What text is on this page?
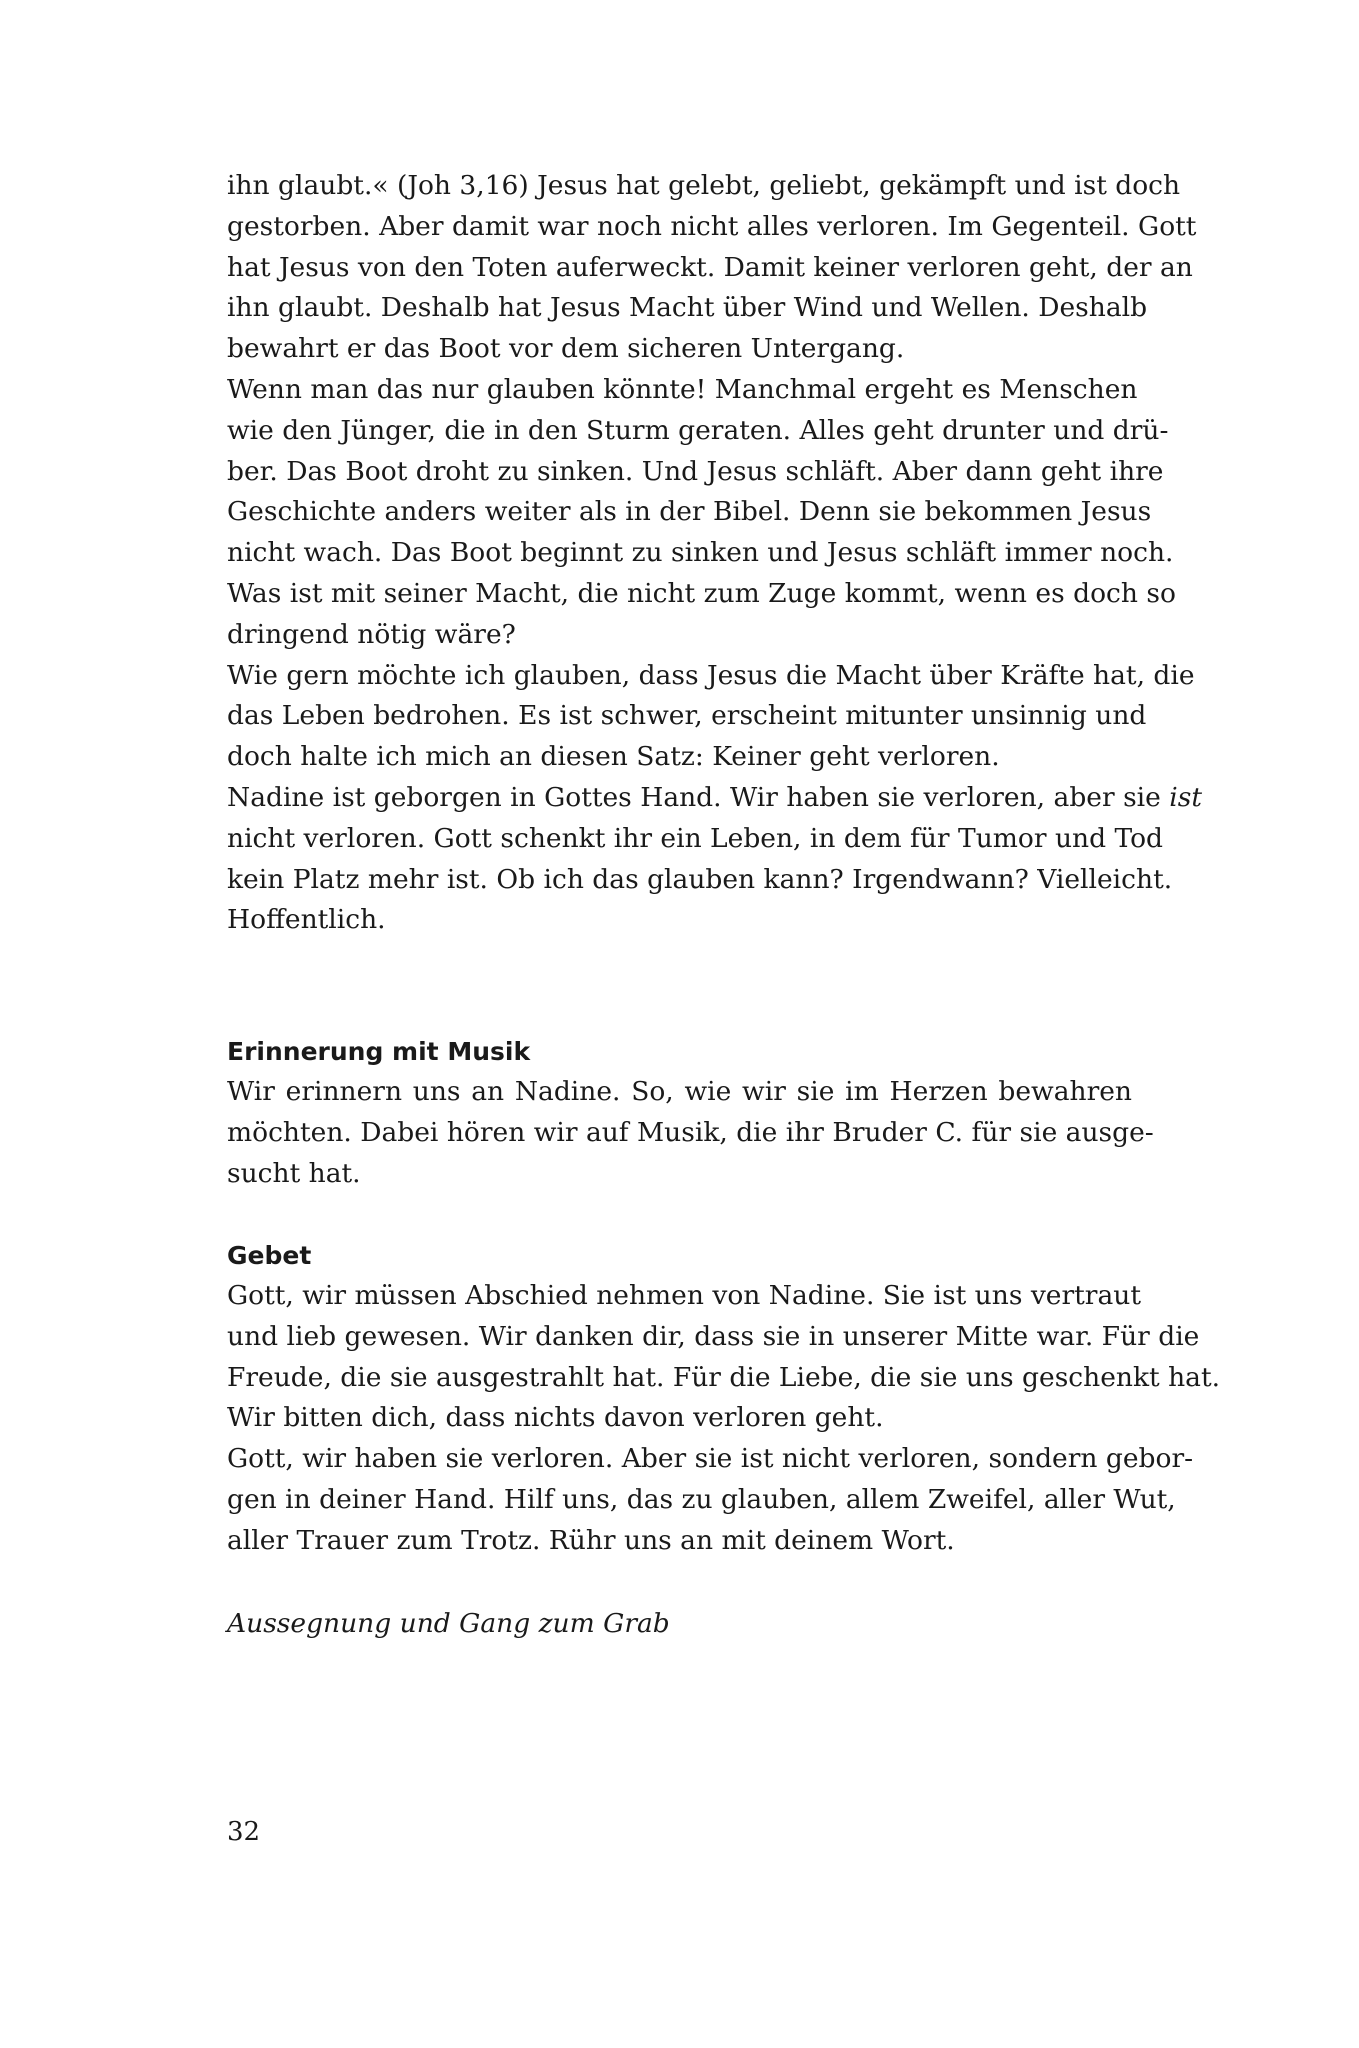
ihn glaubt.« (Joh 3,16) Jesus hat gelebt, geliebt, gekämpft und ist doch
gestorben. Aber damit war noch nicht alles verloren. Im Gegenteil. Gott
hat Jesus von den Toten auferweckt. Damit keiner verloren geht, der an
ihn glaubt. Deshalb hat Jesus Macht über Wind und Wellen. Deshalb
bewahrt er das Boot vor dem sicheren Untergang.
Wenn man das nur glauben könnte! Manchmal ergeht es Menschen
wie den Jünger, die in den Sturm geraten. Alles geht drunter und drü-
ber. Das Boot droht zu sinken. Und Jesus schläft. Aber dann geht ihre
Geschichte anders weiter als in der Bibel. Denn sie bekommen Jesus
nicht wach. Das Boot beginnt zu sinken und Jesus schläft immer noch.
Was ist mit seiner Macht, die nicht zum Zuge kommt, wenn es doch so
dringend nötig wäre?
Wie gern möchte ich glauben, dass Jesus die Macht über Kräfte hat, die
das Leben bedrohen. Es ist schwer, erscheint mitunter unsinnig und
doch halte ich mich an diesen Satz: Keiner geht verloren.
Nadine ist geborgen in Gottes Hand. Wir haben sie verloren, aber sie ist
nicht verloren. Gott schenkt ihr ein Leben, in dem für Tumor und Tod
kein Platz mehr ist. Ob ich das glauben kann? Irgendwann? Vielleicht.
Hoffentlich.
Erinnerung mit Musik
Wir erinnern uns an Nadine. So, wie wir sie im Herzen bewahren
möchten. Dabei hören wir auf Musik, die ihr Bruder C. für sie ausge-
sucht hat.
Gebet
Gott, wir müssen Abschied nehmen von Nadine. Sie ist uns vertraut
und lieb gewesen. Wir danken dir, dass sie in unserer Mitte war. Für die
Freude, die sie ausgestrahlt hat. Für die Liebe, die sie uns geschenkt hat.
Wir bitten dich, dass nichts davon verloren geht.
Gott, wir haben sie verloren. Aber sie ist nicht verloren, sondern gebor-
gen in deiner Hand. Hilf uns, das zu glauben, allem Zweifel, aller Wut,
aller Trauer zum Trotz. Rühr uns an mit deinem Wort.
Aussegnung und Gang zum Grab
32
